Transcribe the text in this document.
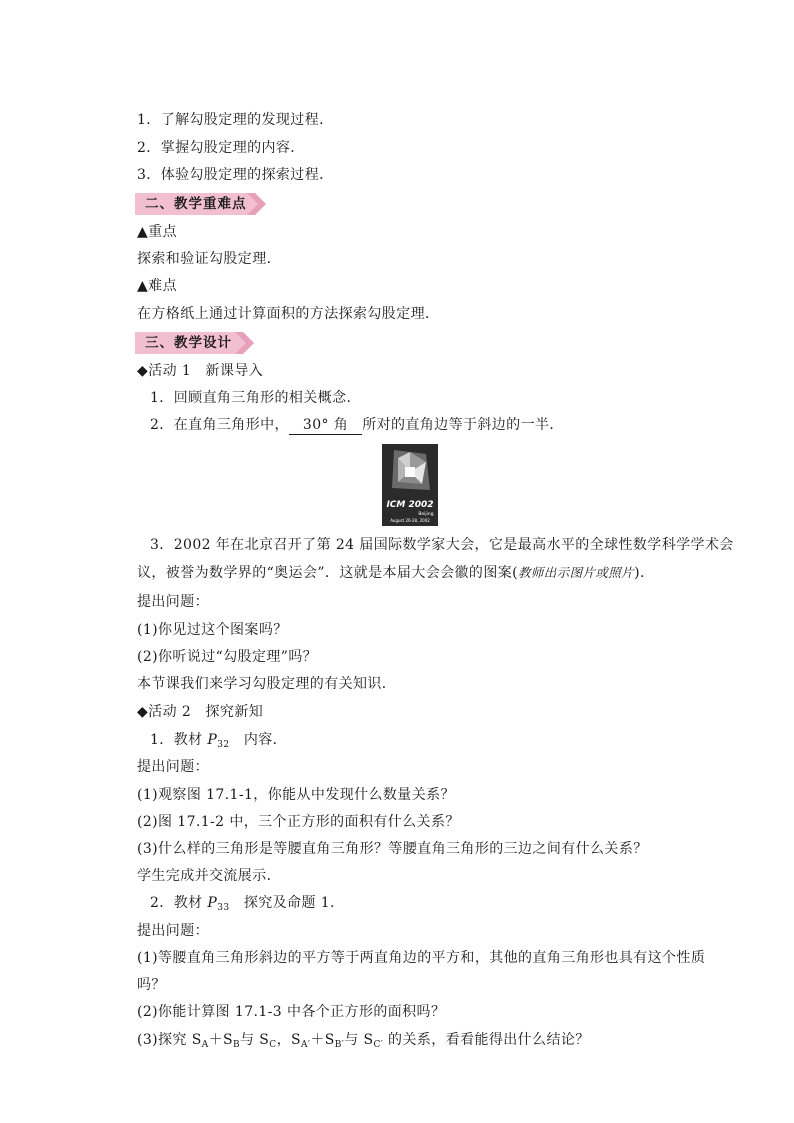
1．了解勾股定理的发现过程．
2．掌握勾股定理的内容．
3．体验勾股定理的探索过程．
二、教学重难点
▲重点
探索和验证勾股定理．
▲难点
在方格纸上通过计算面积的方法探索勾股定理．
三、教学设计
◆活动 1　新课导入
1．回顾直角三角形的相关概念.
2．在直角三角形中， 30° 角 所对的直角边等于斜边的一半．
ICM 2002
Beijing
August 20-28, 2002
3．2002 年在北京召开了第 24 届国际数学家大会，它是最高水平的全球性数学科学学术会
议，被誉为数学界的“奥运会”．这就是本届大会会徽的图案(教师出示图片或照片)．
提出问题：
(1)你见过这个图案吗？
(2)你听说过“勾股定理”吗？
本节课我们来学习勾股定理的有关知识．
◆活动 2　探究新知
1．教材 $P_{32}$　内容．
提出问题：
(1)观察图 17.1-1，你能从中发现什么数量关系？
(2)图 17.1-2 中，三个正方形的面积有什么关系？
(3)什么样的三角形是等腰直角三角形？等腰直角三角形的三边之间有什么关系？
学生完成并交流展示．
2．教材 $P_{33}$　探究及命题 1.
提出问题：
(1)等腰直角三角形斜边的平方等于两直角边的平方和，其他的直角三角形也具有这个性质
吗？
(2)你能计算图 17.1-3 中各个正方形的面积吗？
(3)探究 $S_A+S_B$与 $S_C$，$S_{A'}+S_{B'}$与 $S_{C'}$ 的关系，看看能得出什么结论？
